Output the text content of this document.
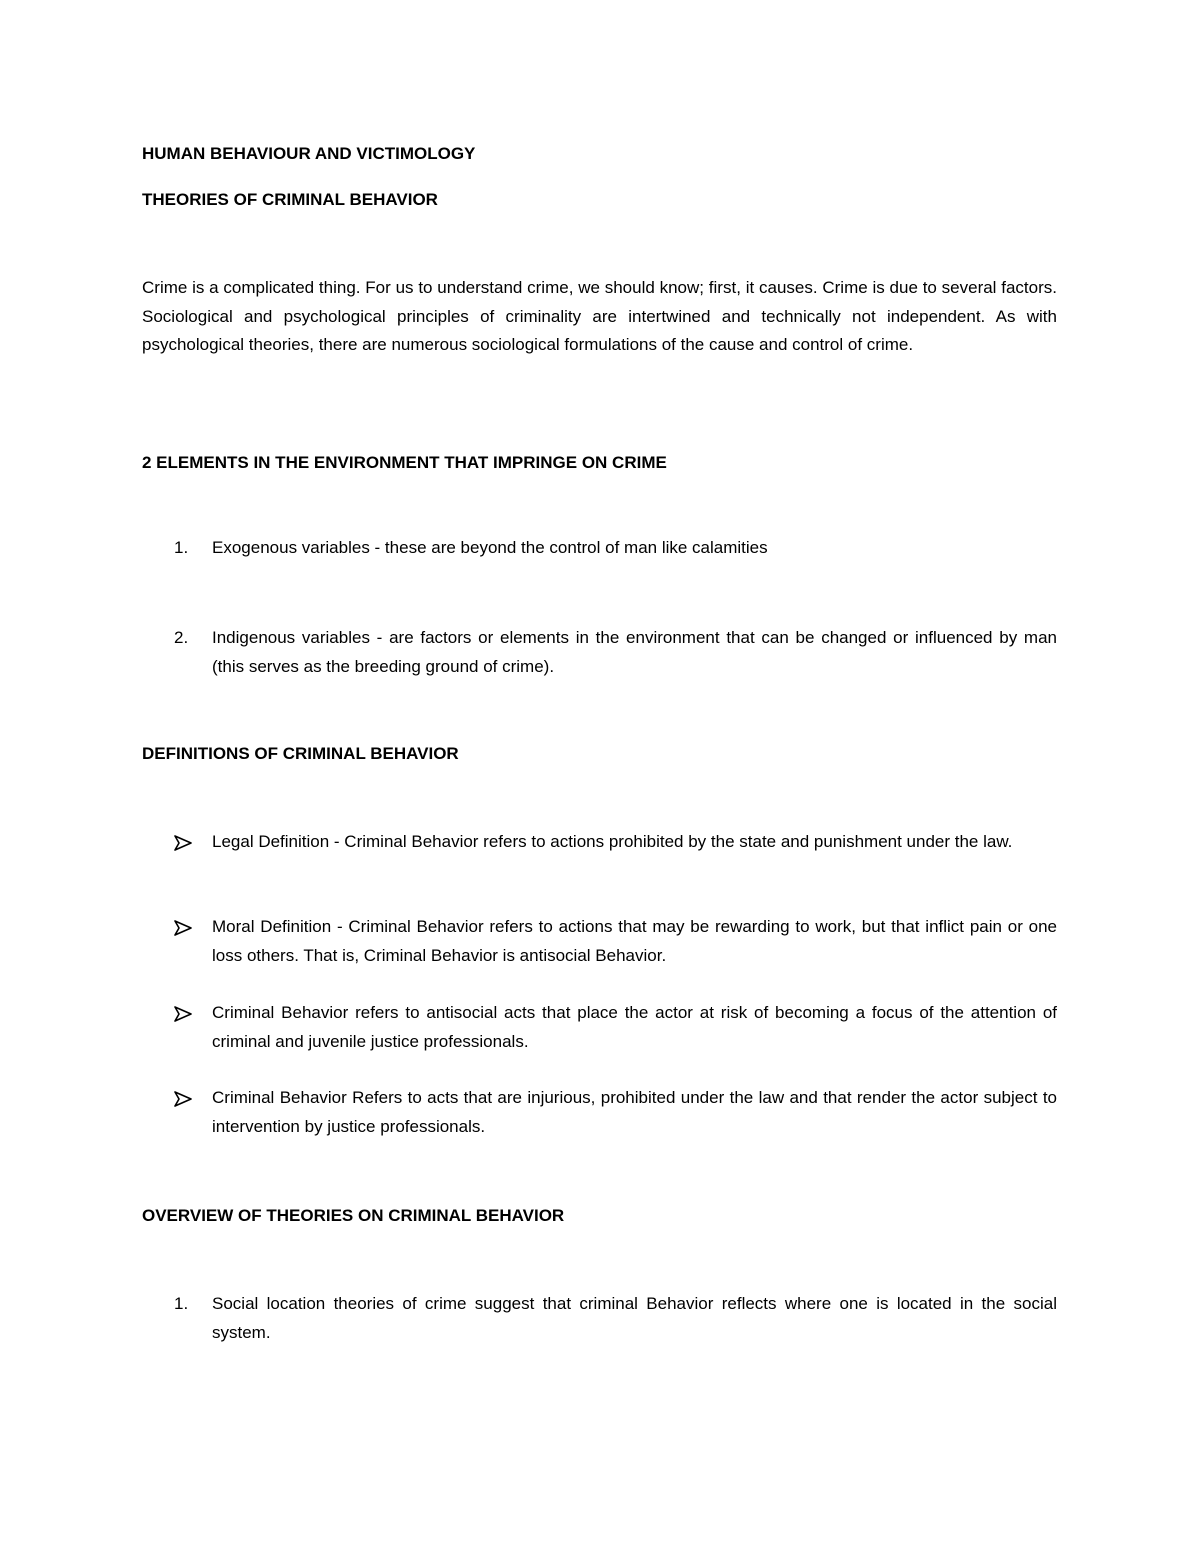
HUMAN BEHAVIOUR AND VICTIMOLOGY

THEORIES OF CRIMINAL BEHAVIOR

Crime is a complicated thing. For us to understand crime, we should know; first, it causes. Crime is due to several factors. Sociological and psychological principles of criminality are intertwined and technically not independent. As with psychological theories, there are numerous sociological formulations of the cause and control of crime.

2 ELEMENTS IN THE ENVIRONMENT THAT IMPRINGE ON CRIME

1.	Exogenous variables - these are beyond the control of man like calamities
2.	Indigenous variables - are factors or elements in the environment that can be changed or influenced by man (this serves as the breeding ground of crime).

DEFINITIONS OF CRIMINAL BEHAVIOR

Legal Definition - Criminal Behavior refers to actions prohibited by the state and punishment under the law.
Moral Definition - Criminal Behavior refers to actions that may be rewarding to work, but that inflict pain or one loss others. That is, Criminal Behavior is antisocial Behavior.
Criminal Behavior refers to antisocial acts that place the actor at risk of becoming a focus of the attention of criminal and juvenile justice professionals.
Criminal Behavior Refers to acts that are injurious, prohibited under the law and that render the actor subject to intervention by justice professionals.

OVERVIEW OF THEORIES ON CRIMINAL BEHAVIOR

1.	Social location theories of crime suggest that criminal Behavior reflects where one is located in the social system.
